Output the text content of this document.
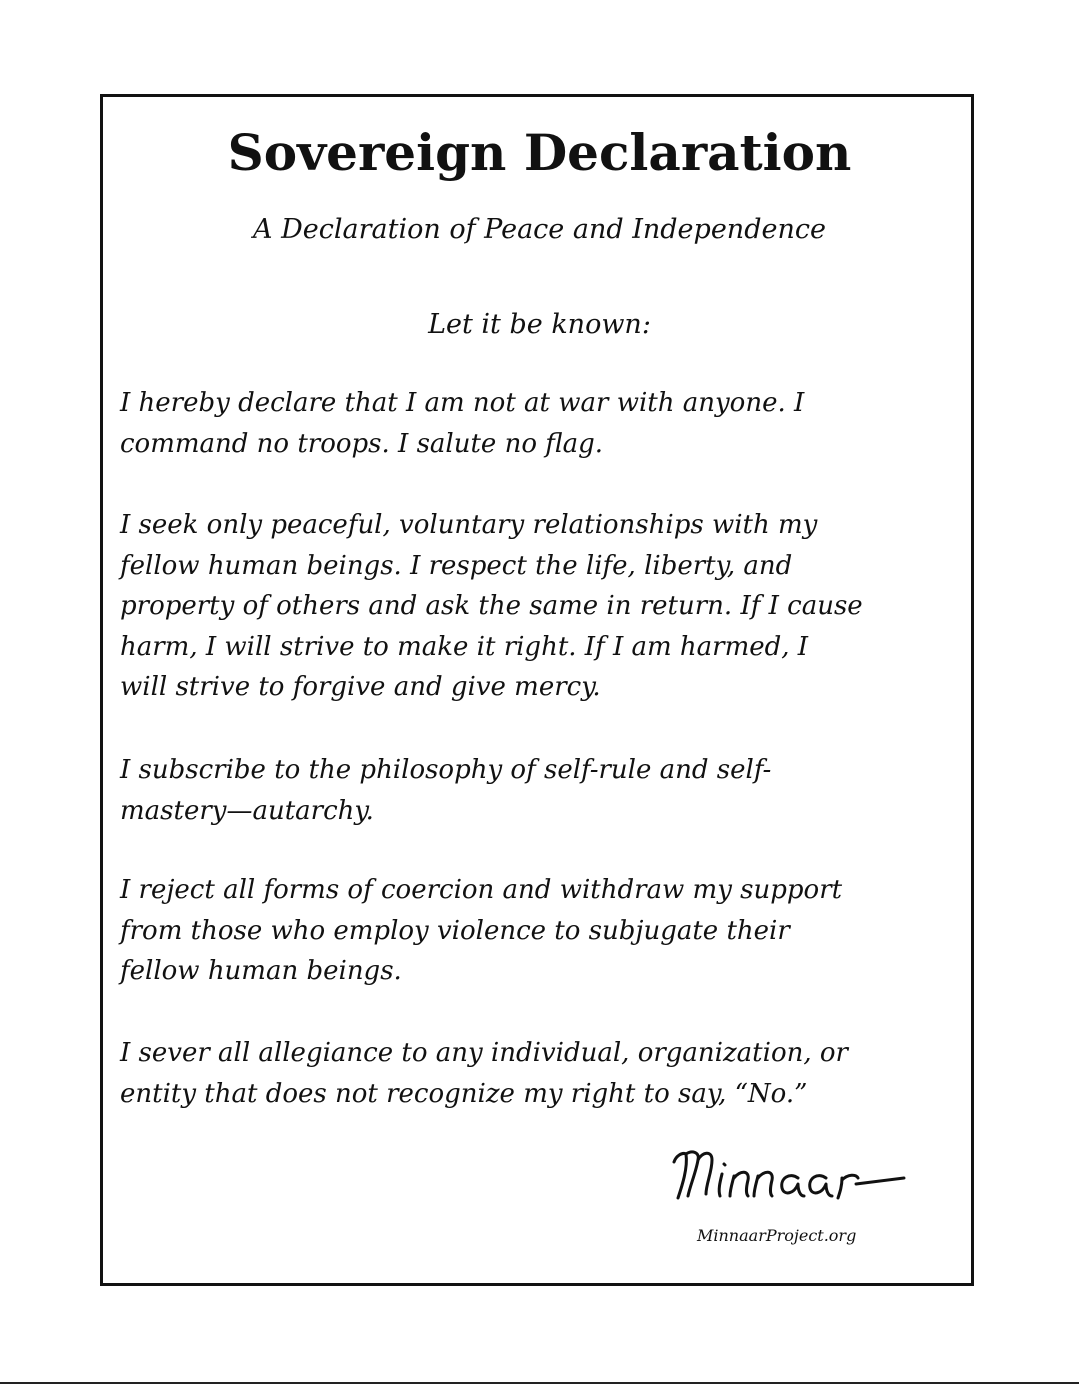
Sovereign Declaration

A Declaration of Peace and Independence

Let it be known:

I hereby declare that I am not at war with anyone. I
command no troops. I salute no flag.

I seek only peaceful, voluntary relationships with my
fellow human beings. I respect the life, liberty, and
property of others and ask the same in return. If I cause
harm, I will strive to make it right. If I am harmed, I
will strive to forgive and give mercy.

I subscribe to the philosophy of self-rule and self-
mastery—autarchy.

I reject all forms of coercion and withdraw my support
from those who employ violence to subjugate their
fellow human beings.

I sever all allegiance to any individual, organization, or
entity that does not recognize my right to say, “No.”

MinnaarProject.org
